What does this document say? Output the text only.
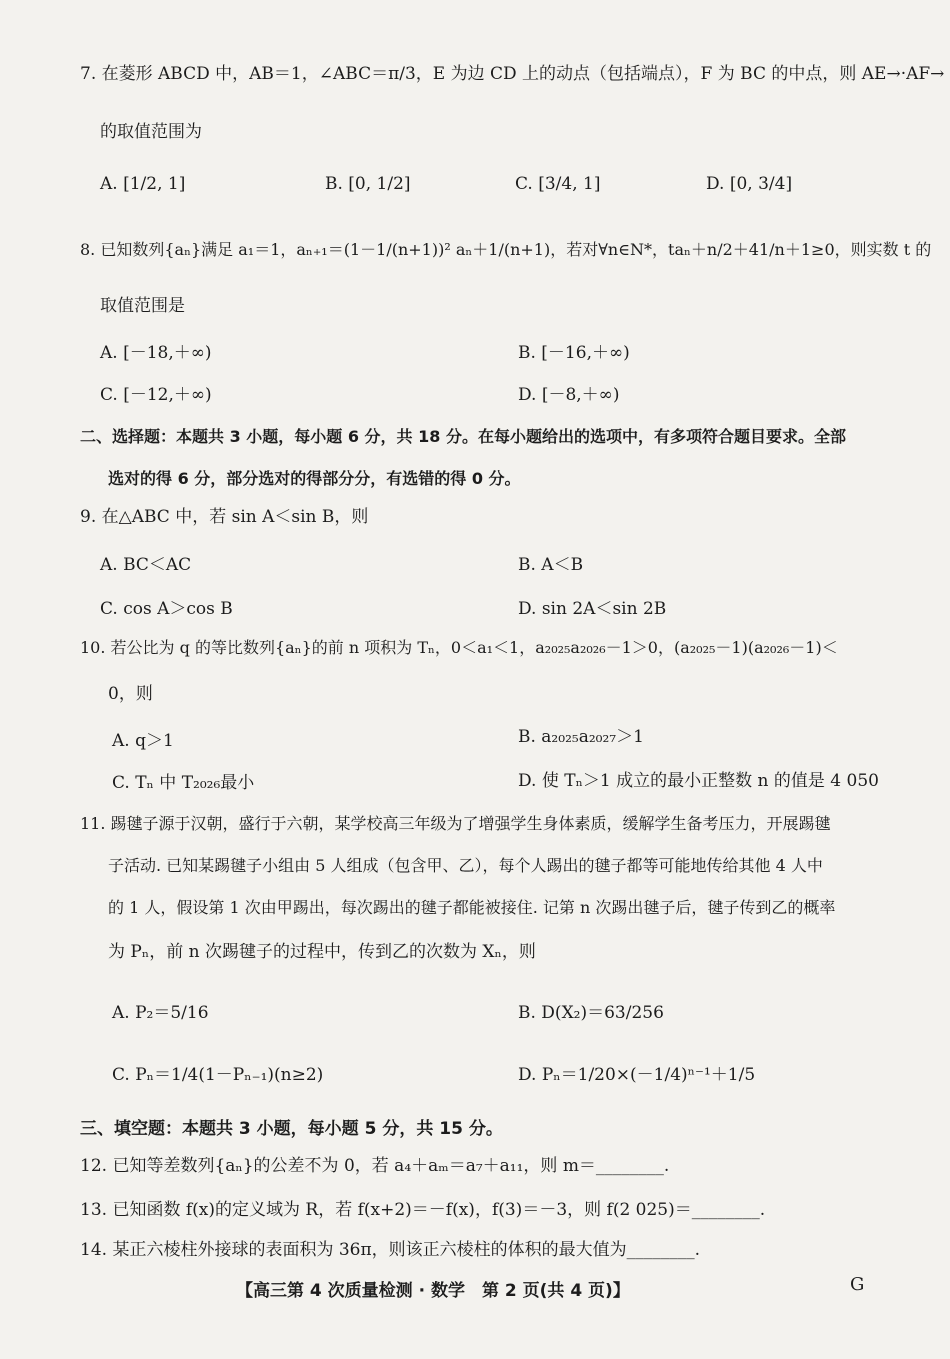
7. 在菱形 ABCD 中，AB＝1，∠ABC＝π/3，E 为边 CD 上的动点（包括端点），F 为 BC 的中点，则 AE→·AF→
的取值范围为
A. [1/2, 1]	B. [0, 1/2]	C. [3/4, 1]	D. [0, 3/4]
8. 已知数列{aₙ}满足 a₁＝1，aₙ₊₁＝(1－1/(n+1))² aₙ＋1/(n+1)，若对∀n∈N*，taₙ＋n/2＋41/n＋1≥0，则实数 t 的
取值范围是
A. [－18,＋∞)	B. [－16,＋∞)
C. [－12,＋∞)	D. [－8,＋∞)
二、选择题：本题共 3 小题，每小题 6 分，共 18 分。在每小题给出的选项中，有多项符合题目要求。全部
选对的得 6 分，部分选对的得部分分，有选错的得 0 分。
9. 在△ABC 中，若 sin A＜sin B，则
A. BC＜AC	B. A＜B
C. cos A＞cos B	D. sin 2A＜sin 2B
10. 若公比为 q 的等比数列{aₙ}的前 n 项积为 Tₙ，0＜a₁＜1，a₂₀₂₅a₂₀₂₆－1＞0，(a₂₀₂₅－1)(a₂₀₂₆－1)＜
0，则
A. q＞1	B. a₂₀₂₅a₂₀₂₇＞1
C. Tₙ 中 T₂₀₂₆最小	D. 使 Tₙ＞1 成立的最小正整数 n 的值是 4 050
11. 踢毽子源于汉朝，盛行于六朝，某学校高三年级为了增强学生身体素质，缓解学生备考压力，开展踢毽
子活动. 已知某踢毽子小组由 5 人组成（包含甲、乙），每个人踢出的毽子都等可能地传给其他 4 人中
的 1 人，假设第 1 次由甲踢出，每次踢出的毽子都能被接住. 记第 n 次踢出毽子后，毽子传到乙的概率
为 Pₙ，前 n 次踢毽子的过程中，传到乙的次数为 Xₙ，则
A. P₂＝5/16	B. D(X₂)＝63/256
C. Pₙ＝1/4(1－Pₙ₋₁)(n≥2)	D. Pₙ＝1/20×(－1/4)ⁿ⁻¹＋1/5
三、填空题：本题共 3 小题，每小题 5 分，共 15 分。
12. 已知等差数列{aₙ}的公差不为 0，若 a₄＋aₘ＝a₇＋a₁₁，则 m＝________.
13. 已知函数 f(x)的定义域为 R，若 f(x+2)＝－f(x)，f(3)＝－3，则 f(2 025)＝________.
14. 某正六棱柱外接球的表面积为 36π，则该正六棱柱的体积的最大值为________.
【高三第 4 次质量检测 · 数学　第 2 页(共 4 页)】	G
